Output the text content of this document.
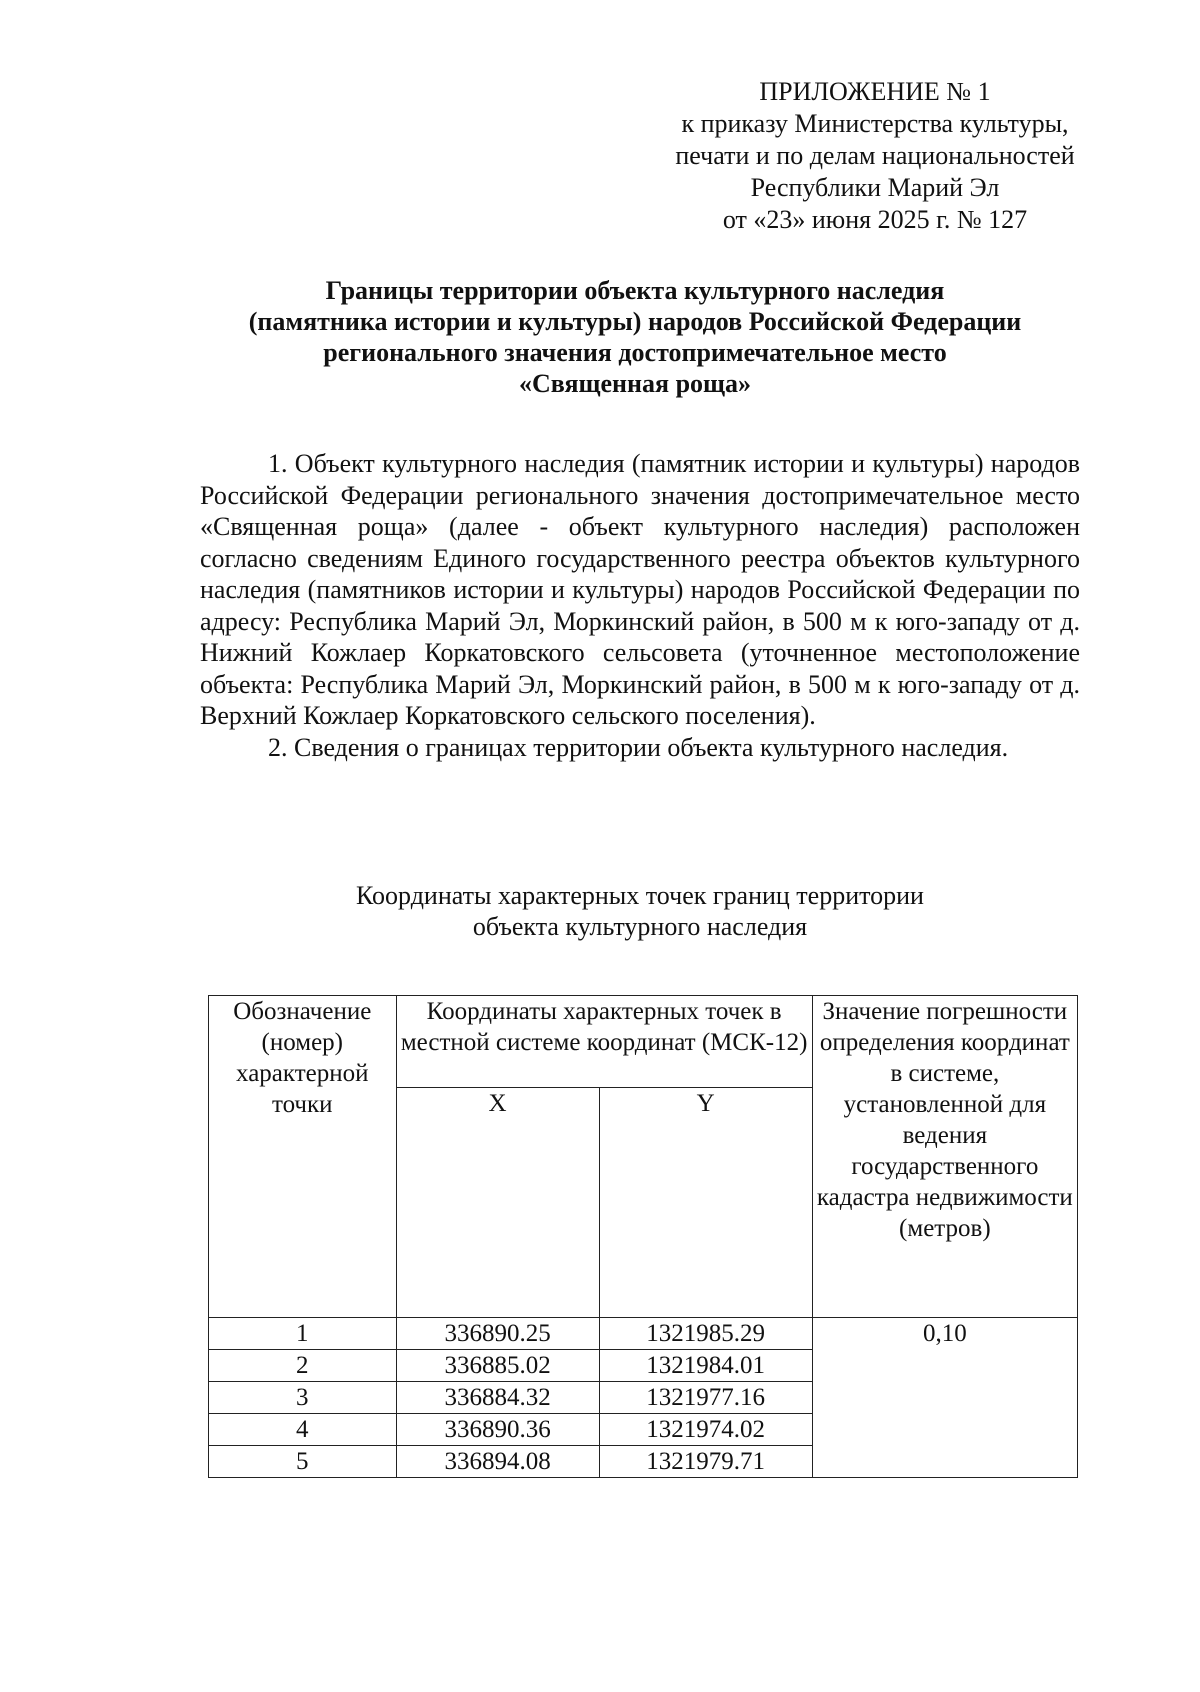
ПРИЛОЖЕНИЕ № 1
к приказу Министерства культуры,
печати и по делам национальностей
Республики Марий Эл
от «23» июня 2025 г. № 127
Границы территории объекта культурного наследия
(памятника истории и культуры) народов Российской Федерации
регионального значения достопримечательное место
«Священная роща»

1. Объект культурного наследия (памятник истории и культуры) народов Российской Федерации регионального значения достопримечательное место «Священная роща» (далее - объект культурного наследия) расположен согласно сведениям Единого государственного реестра объектов культурного наследия (памятников истории и культуры) народов Российской Федерации по адресу: Республика Марий Эл, Моркинский район, в 500 м к юго-западу от д. Нижний Кожлаер Коркатовского сельсовета (уточненное местоположение объекта: Республика Марий Эл, Моркинский район, в 500 м к юго-западу от д. Верхний Кожлаер Коркатовского сельского поселения).

2. Сведения о границах территории объекта культурного наследия.

Координаты характерных точек границ территории
объекта культурного наследия
Обозначение (номер) характерной точки	Координаты характерных точек в местной системе координат (МСК-12)		Значение погрешности определения координат в системе, установленной для ведения государственного кадастра недвижимости (метров)
	X	Y	
1	336890.25	1321985.29	0,10
2	336885.02	1321984.01	
3	336884.32	1321977.16	
4	336890.36	1321974.02	
5	336894.08	1321979.71	
